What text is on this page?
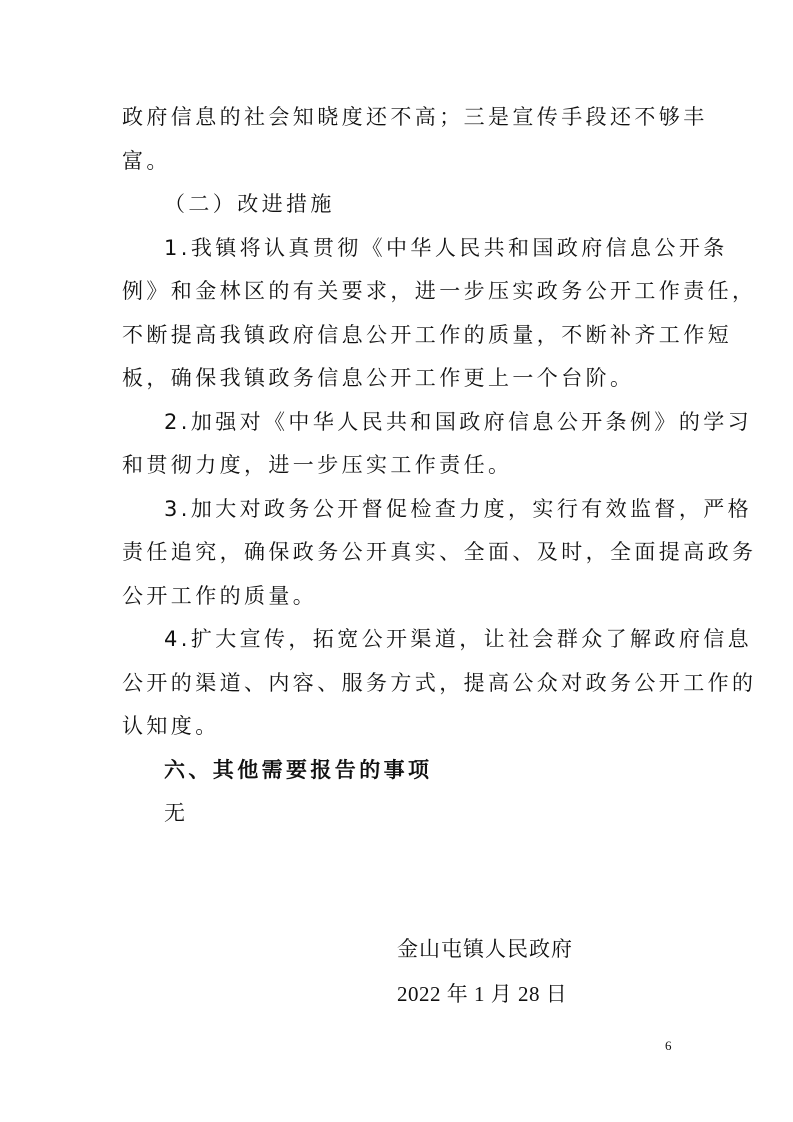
政府信息的社会知晓度还不高；三是宣传手段还不够丰
富。
（二）改进措施
1.我镇将认真贯彻《中华人民共和国政府信息公开条
例》和金林区的有关要求，进一步压实政务公开工作责任，
不断提高我镇政府信息公开工作的质量，不断补齐工作短
板，确保我镇政务信息公开工作更上一个台阶。
2.加强对《中华人民共和国政府信息公开条例》的学习
和贯彻力度，进一步压实工作责任。
3.加大对政务公开督促检查力度，实行有效监督，严格
责任追究，确保政务公开真实、全面、及时，全面提高政务
公开工作的质量。
4.扩大宣传，拓宽公开渠道，让社会群众了解政府信息
公开的渠道、内容、服务方式，提高公众对政务公开工作的
认知度。
六、其他需要报告的事项
无
金山屯镇人民政府
2022 年 1 月 28 日
6
